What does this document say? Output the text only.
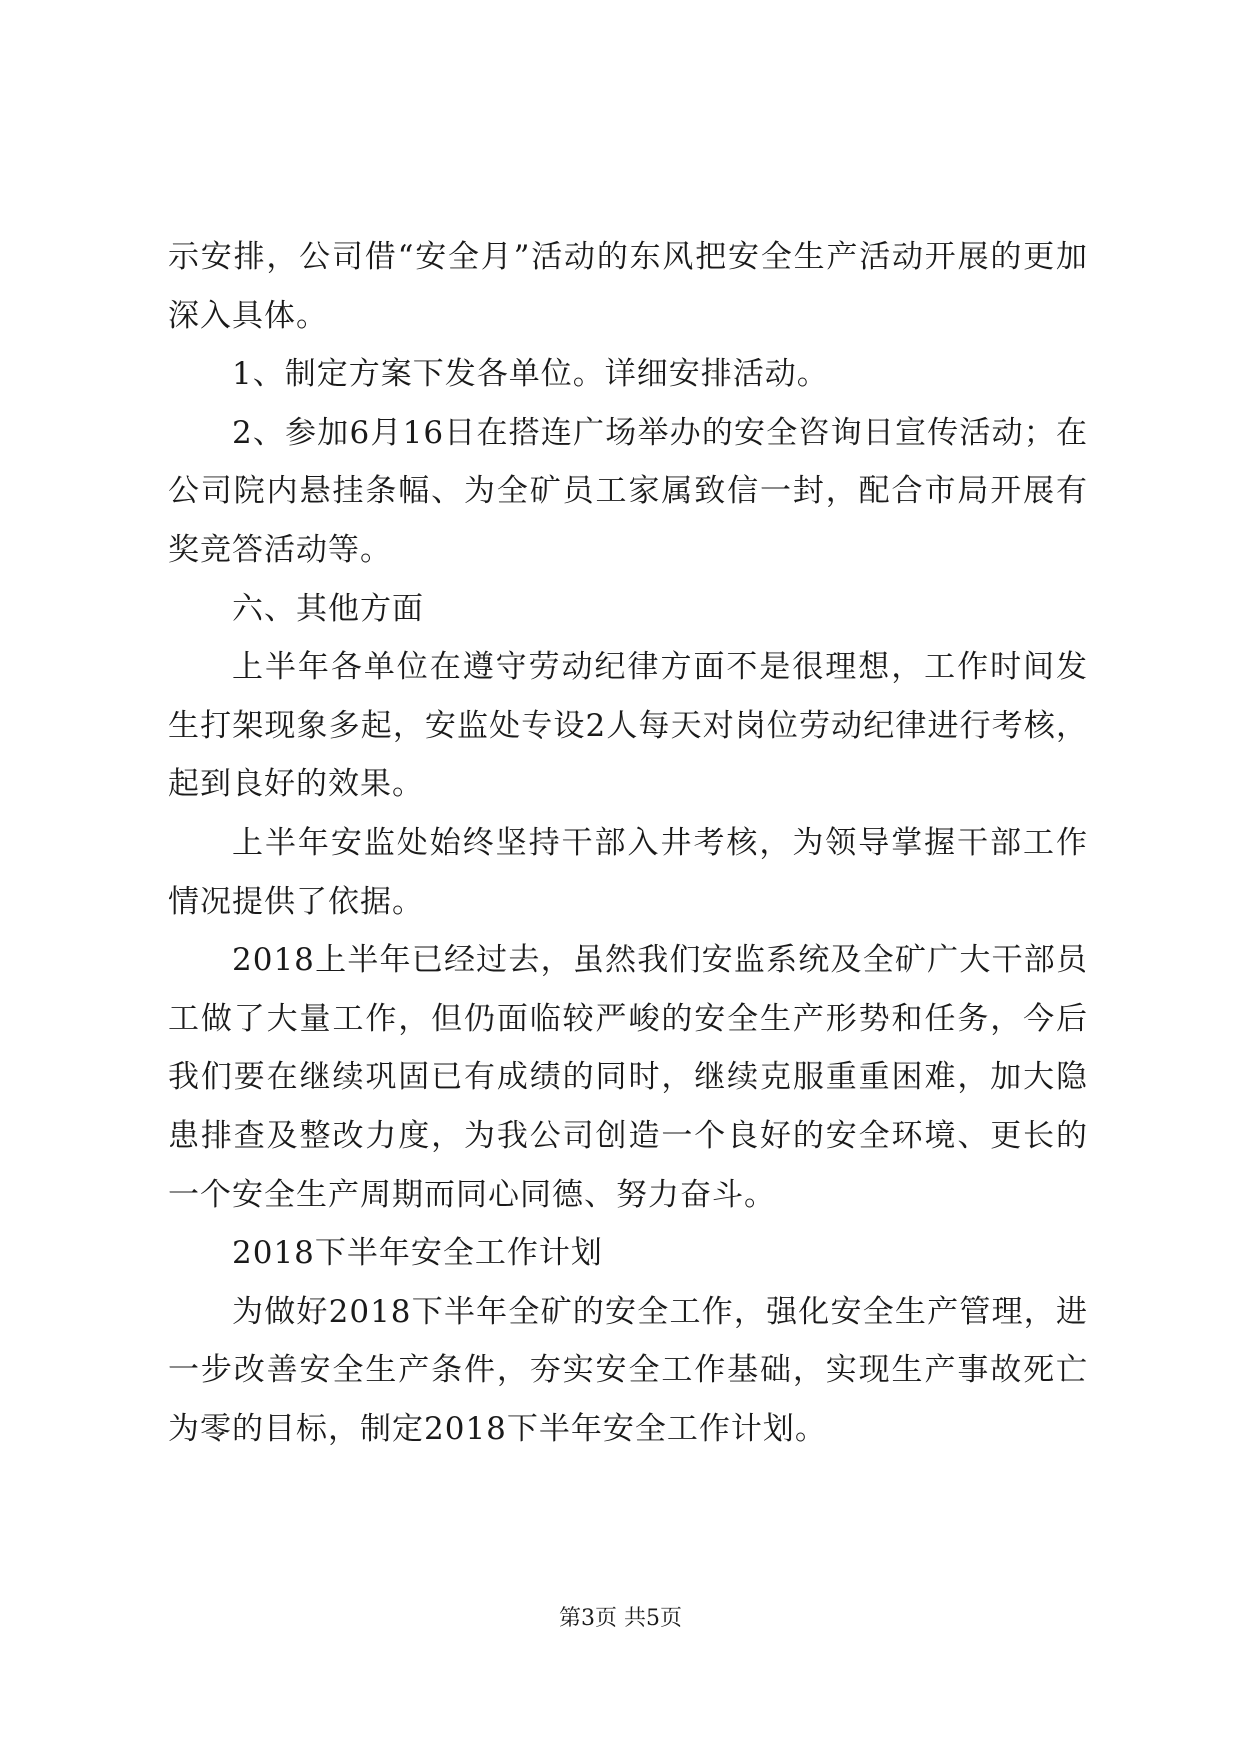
示安排，公司借“安全月”活动的东风把安全生产活动开展的更加深入具体。

1、制定方案下发各单位。详细安排活动。

2、参加6月16日在搭连广场举办的安全咨询日宣传活动；在公司院内悬挂条幅、为全矿员工家属致信一封，配合市局开展有奖竞答活动等。

六、其他方面

上半年各单位在遵守劳动纪律方面不是很理想，工作时间发生打架现象多起，安监处专设2人每天对岗位劳动纪律进行考核，起到良好的效果。

上半年安监处始终坚持干部入井考核，为领导掌握干部工作情况提供了依据。

2018上半年已经过去，虽然我们安监系统及全矿广大干部员工做了大量工作，但仍面临较严峻的安全生产形势和任务，今后我们要在继续巩固已有成绩的同时，继续克服重重困难，加大隐患排查及整改力度，为我公司创造一个良好的安全环境、更长的一个安全生产周期而同心同德、努力奋斗。

2018下半年安全工作计划

为做好2018下半年全矿的安全工作，强化安全生产管理，进一步改善安全生产条件，夯实安全工作基础，实现生产事故死亡为零的目标，制定2018下半年安全工作计划。

第3页 共5页
